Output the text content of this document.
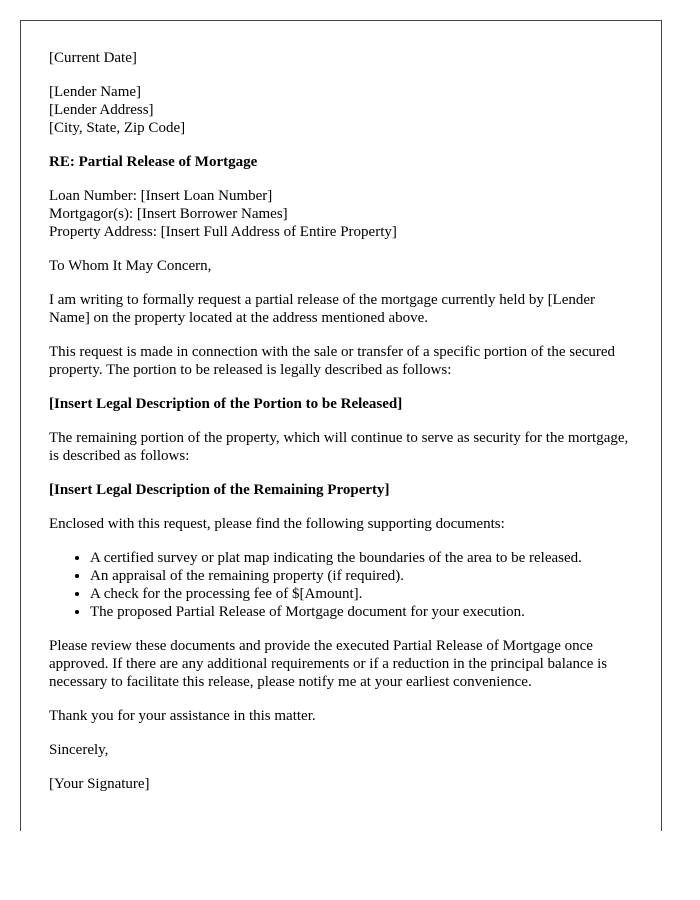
[Current Date]

[Lender Name]
[Lender Address]
[City, State, Zip Code]

RE: Partial Release of Mortgage

Loan Number: [Insert Loan Number]
Mortgagor(s): [Insert Borrower Names]
Property Address: [Insert Full Address of Entire Property]

To Whom It May Concern,

I am writing to formally request a partial release of the mortgage currently held by [Lender Name] on the property located at the address mentioned above.

This request is made in connection with the sale or transfer of a specific portion of the secured property. The portion to be released is legally described as follows:

[Insert Legal Description of the Portion to be Released]

The remaining portion of the property, which will continue to serve as security for the mortgage, is described as follows:

[Insert Legal Description of the Remaining Property]

Enclosed with this request, please find the following supporting documents:

• A certified survey or plat map indicating the boundaries of the area to be released.
• An appraisal of the remaining property (if required).
• A check for the processing fee of $[Amount].
• The proposed Partial Release of Mortgage document for your execution.

Please review these documents and provide the executed Partial Release of Mortgage once approved. If there are any additional requirements or if a reduction in the principal balance is necessary to facilitate this release, please notify me at your earliest convenience.

Thank you for your assistance in this matter.

Sincerely,

[Your Signature]
